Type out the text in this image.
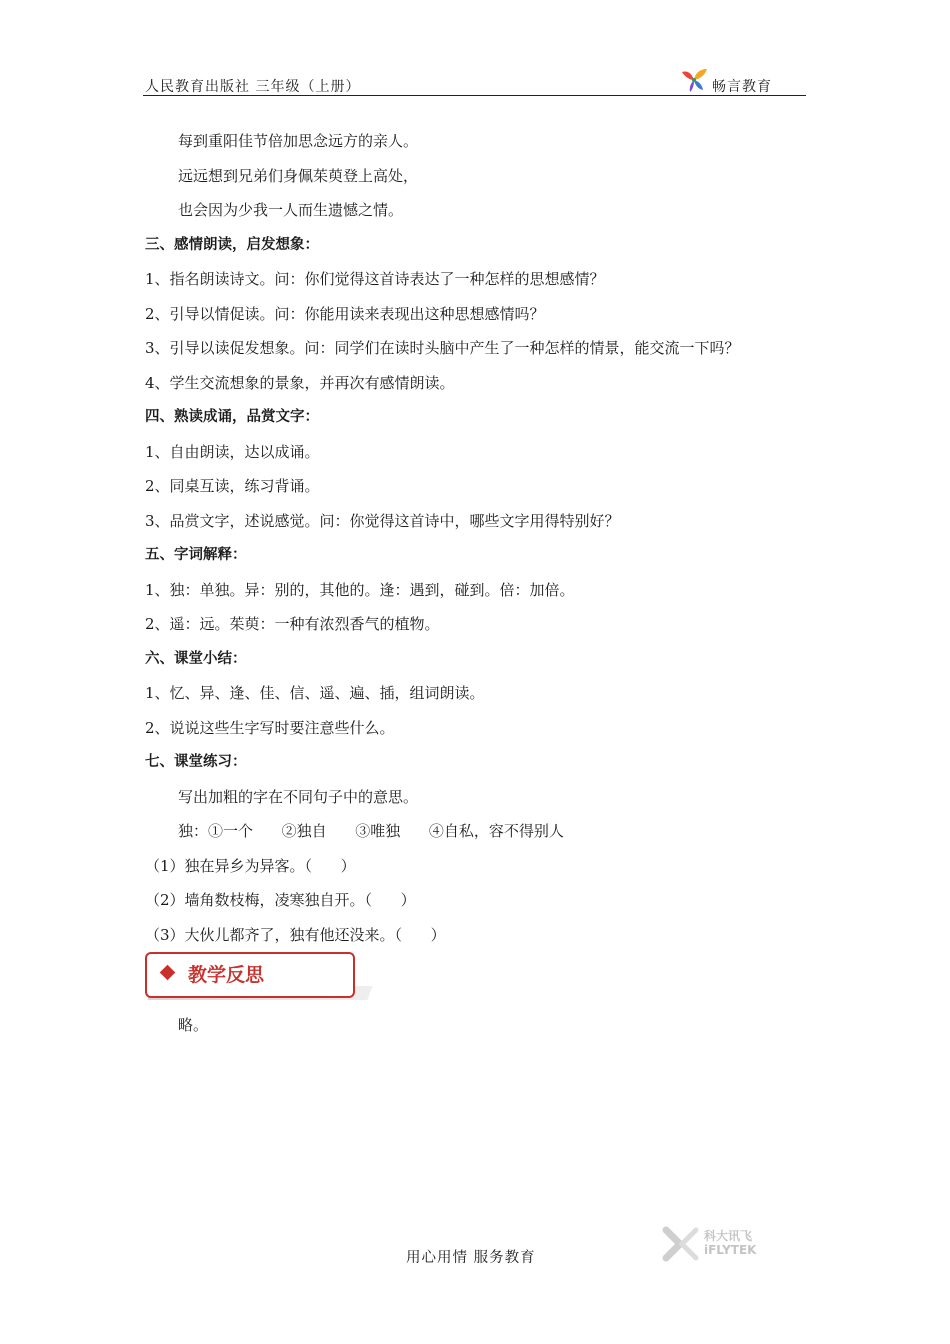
人民教育出版社 三年级（上册）	畅言教育
每到重阳佳节倍加思念远方的亲人。
远远想到兄弟们身佩茱萸登上高处，
也会因为少我一人而生遗憾之情。
三、感情朗读，启发想象：
1、指名朗读诗文。问：你们觉得这首诗表达了一种怎样的思想感情？
2、引导以情促读。问：你能用读来表现出这种思想感情吗？
3、引导以读促发想象。问：同学们在读时头脑中产生了一种怎样的情景，能交流一下吗？
4、学生交流想象的景象，并再次有感情朗读。
四、熟读成诵，品赏文字：
1、自由朗读，达以成诵。
2、同桌互读，练习背诵。
3、品赏文字，述说感觉。问：你觉得这首诗中，哪些文字用得特别好？
五、字词解释：
1、独：单独。异：别的，其他的。逢：遇到，碰到。倍：加倍。
2、遥：远。茱萸：一种有浓烈香气的植物。
六、课堂小结：
1、忆、异、逢、佳、信、遥、遍、插，组词朗读。
2、说说这些生字写时要注意些什么。
七、课堂练习：
写出加粗的字在不同句子中的意思。
独：①一个      ②独自      ③唯独      ④自私，容不得别人
（1）独在异乡为异客。（      ）
（2）墙角数枝梅，凌寒独自开。（      ）
（3）大伙儿都齐了，独有他还没来。（      ）
教学反思
略。
用心用情 服务教育
科大讯飞
iFLYTEK
